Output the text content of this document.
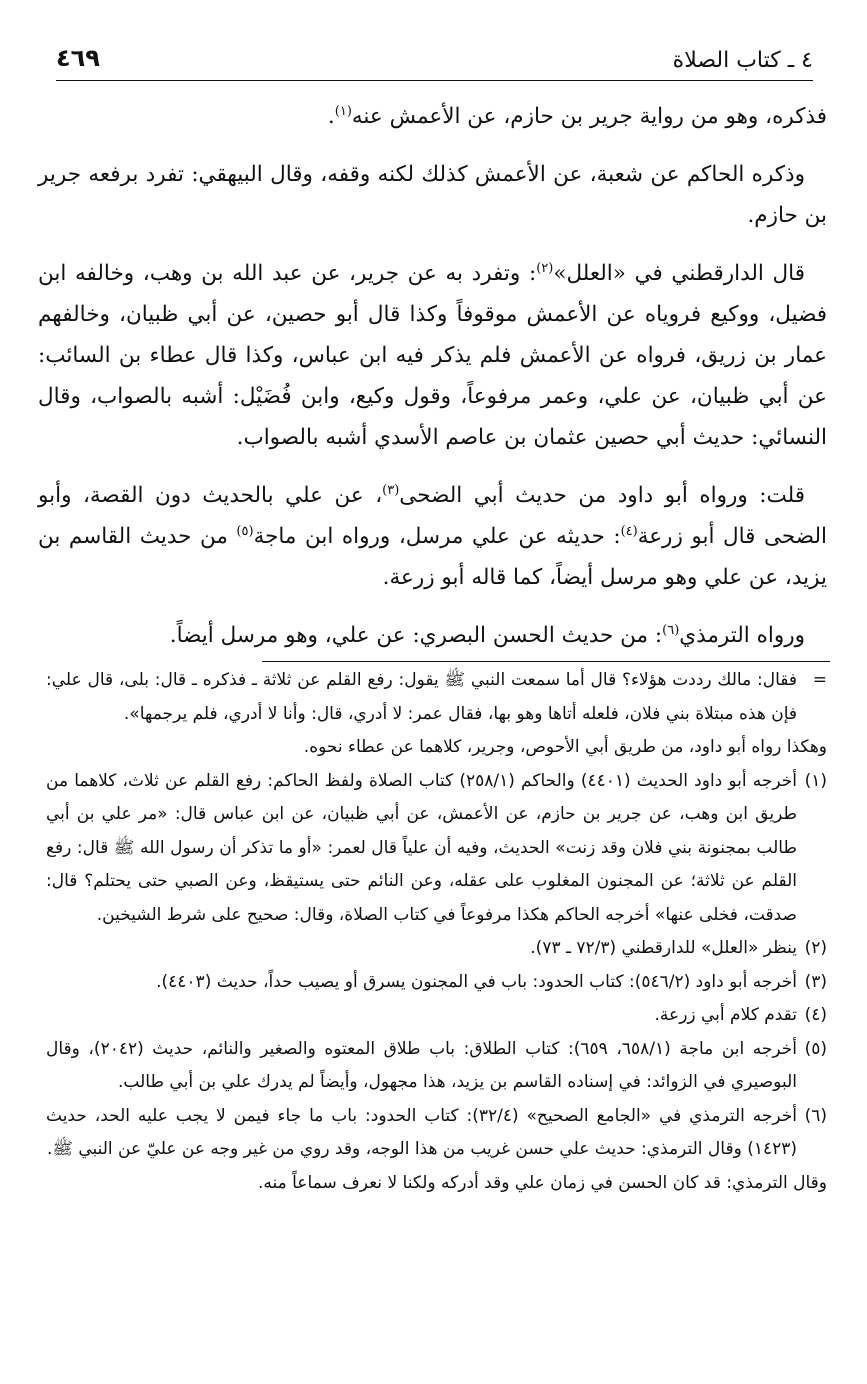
٤ ـ كتاب الصلاة
٤٦٩

فذكره، وهو من رواية جرير بن حازم، عن الأعمش عنه$^{(١)}$.

وذكره الحاكم عن شعبة، عن الأعمش كذلك لكنه وقفه، وقال البيهقي: تفرد برفعه جرير بن حازم.

قال الدارقطني في «العلل»$^{(٢)}$: وتفرد به عن جرير، عن عبد الله بن وهب، وخالفه ابن فضيل، ووكيع فروياه عن الأعمش موقوفاً وكذا قال أبو حصين، عن أبي ظبيان، وخالفهم عمار بن زريق، فرواه عن الأعمش فلم يذكر فيه ابن عباس، وكذا قال عطاء بن السائب: عن أبي ظبيان، عن علي، وعمر مرفوعاً، وقول وكيع، وابن فُضَيْل: أشبه بالصواب، وقال النسائي: حديث أبي حصين عثمان بن عاصم الأسدي أشبه بالصواب.

قلت: ورواه أبو داود من حديث أبي الضحى$^{(٣)}$، عن علي بالحديث دون القصة، وأبو الضحى قال أبو زرعة$^{(٤)}$: حديثه عن علي مرسل، ورواه ابن ماجة$^{(٥)}$ من حديث القاسم بن يزيد، عن علي وهو مرسل أيضاً، كما قاله أبو زرعة.

ورواه الترمذي$^{(٦)}$: من حديث الحسن البصري: عن علي، وهو مرسل أيضاً.

=
فقال: مالك رددت هؤلاء؟ قال أما سمعت النبي ﷺ يقول: رفع القلم عن ثلاثة ـ فذكره ـ قال: بلى، قال علي: فإن هذه مبتلاة بني فلان، فلعله أتاها وهو بها، فقال عمر: لا أدري، قال: وأنا لا أدري، فلم يرجمها».
وهكذا رواه أبو داود، من طريق أبي الأحوص، وجرير، كلاهما عن عطاء نحوه.
(١)
أخرجه أبو داود الحديث (٤٤٠١) والحاكم (٢٥٨/١) كتاب الصلاة ولفظ الحاكم: رفع القلم عن ثلاث، كلاهما من طريق ابن وهب، عن جرير بن حازم، عن الأعمش، عن أبي ظبيان، عن ابن عباس قال: «مر علي بن أبي طالب بمجنونة بني فلان وقد زنت» الحديث، وفيه أن علياً قال لعمر: «أو ما تذكر أن رسول الله ﷺ قال: رفع القلم عن ثلاثة؛ عن المجنون المغلوب على عقله، وعن النائم حتى يستيقظ، وعن الصبي حتى يحتلم؟ قال: صدقت، فخلى عنها» أخرجه الحاكم هكذا مرفوعاً في كتاب الصلاة، وقال: صحيح على شرط الشيخين.
(٢)
ينظر «العلل» للدارقطني (٧٢/٣ ـ ٧٣).
(٣)
أخرجه أبو داود (٥٤٦/٢): كتاب الحدود: باب في المجنون يسرق أو يصيب حداً، حديث (٤٤٠٣).
(٤)
تقدم كلام أبي زرعة.
(٥)
أخرجه ابن ماجة (٦٥٨/١، ٦٥٩): كتاب الطلاق: باب طلاق المعتوه والصغير والنائم، حديث (٢٠٤٢)، وقال البوصيري في الزوائد: في إسناده القاسم بن يزيد، هذا مجهول، وأيضاً لم يدرك علي بن أبي طالب.
(٦)
أخرجه الترمذي في «الجامع الصحيح» (٣٢/٤): كتاب الحدود: باب ما جاء فيمن لا يجب عليه الحد، حديث (١٤٢٣) وقال الترمذي: حديث علي حسن غريب من هذا الوجه، وقد روي من غير وجه عن عليّ عن النبي ﷺ.
وقال الترمذي: قد كان الحسن في زمان علي وقد أدركه ولكنا لا نعرف سماعاً منه.
